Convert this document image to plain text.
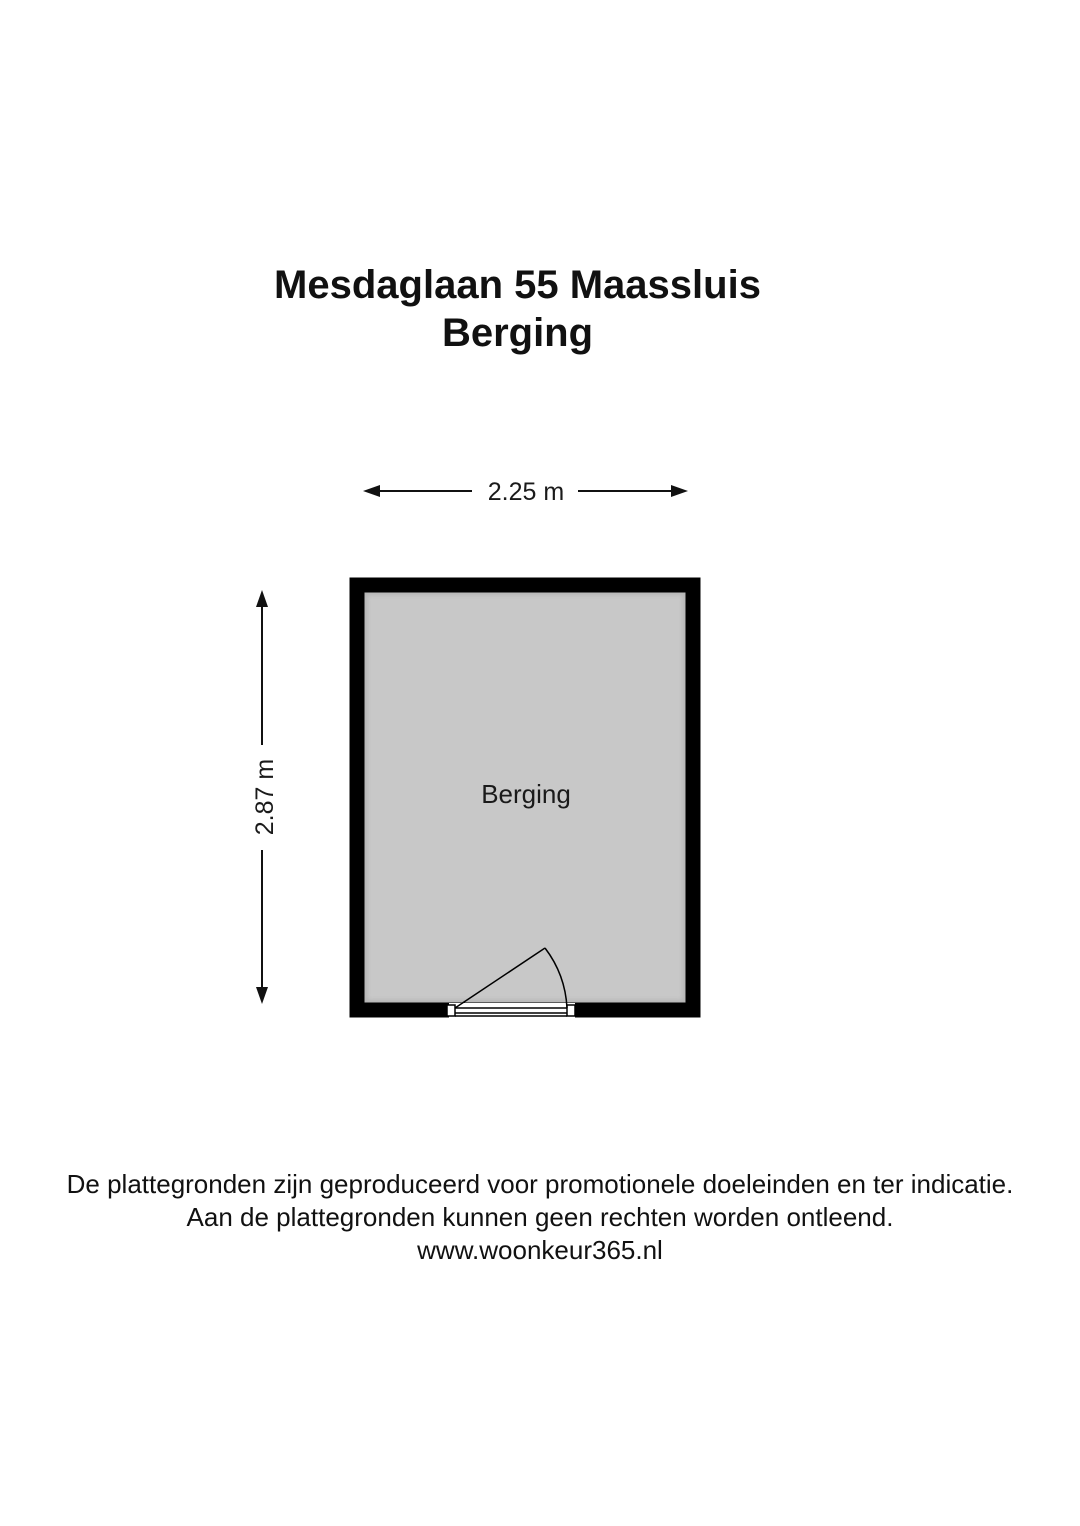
Mesdaglaan 55 Maassluis
Berging
2.25 m
2.87 m	Berging
De plattegronden zijn geproduceerd voor promotionele doeleinden en ter indicatie.
Aan de plattegronden kunnen geen rechten worden ontleend.
www.woonkeur365.nl
